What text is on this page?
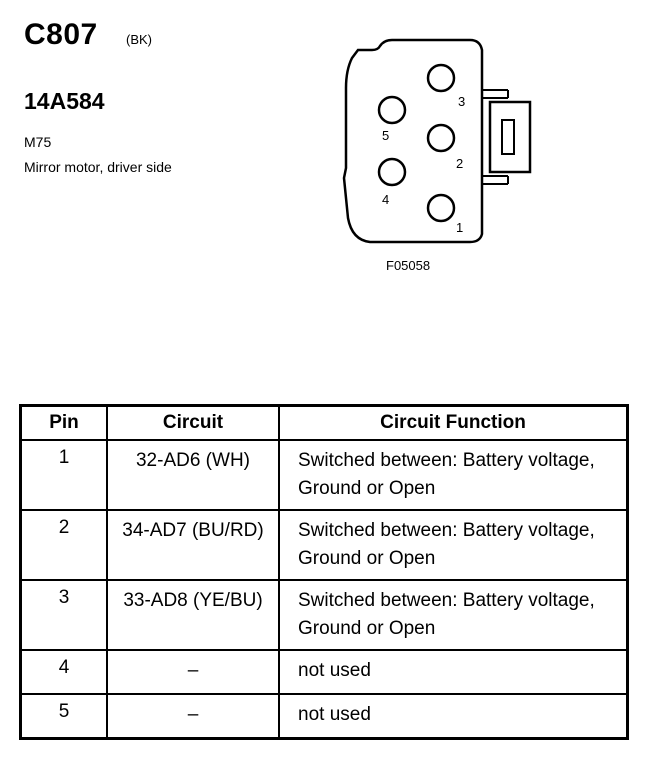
C807 (BK)
14A584
M75
Mirror motor, driver side
3
5
2
4
1
F05058
Pin	Circuit	Circuit Function
1	32-AD6 (WH)	Switched between: Battery voltage, Ground or Open
2	34-AD7 (BU/RD)	Switched between: Battery voltage, Ground or Open
3	33-AD8 (YE/BU)	Switched between: Battery voltage, Ground or Open
4	–	not used
5	–	not used
